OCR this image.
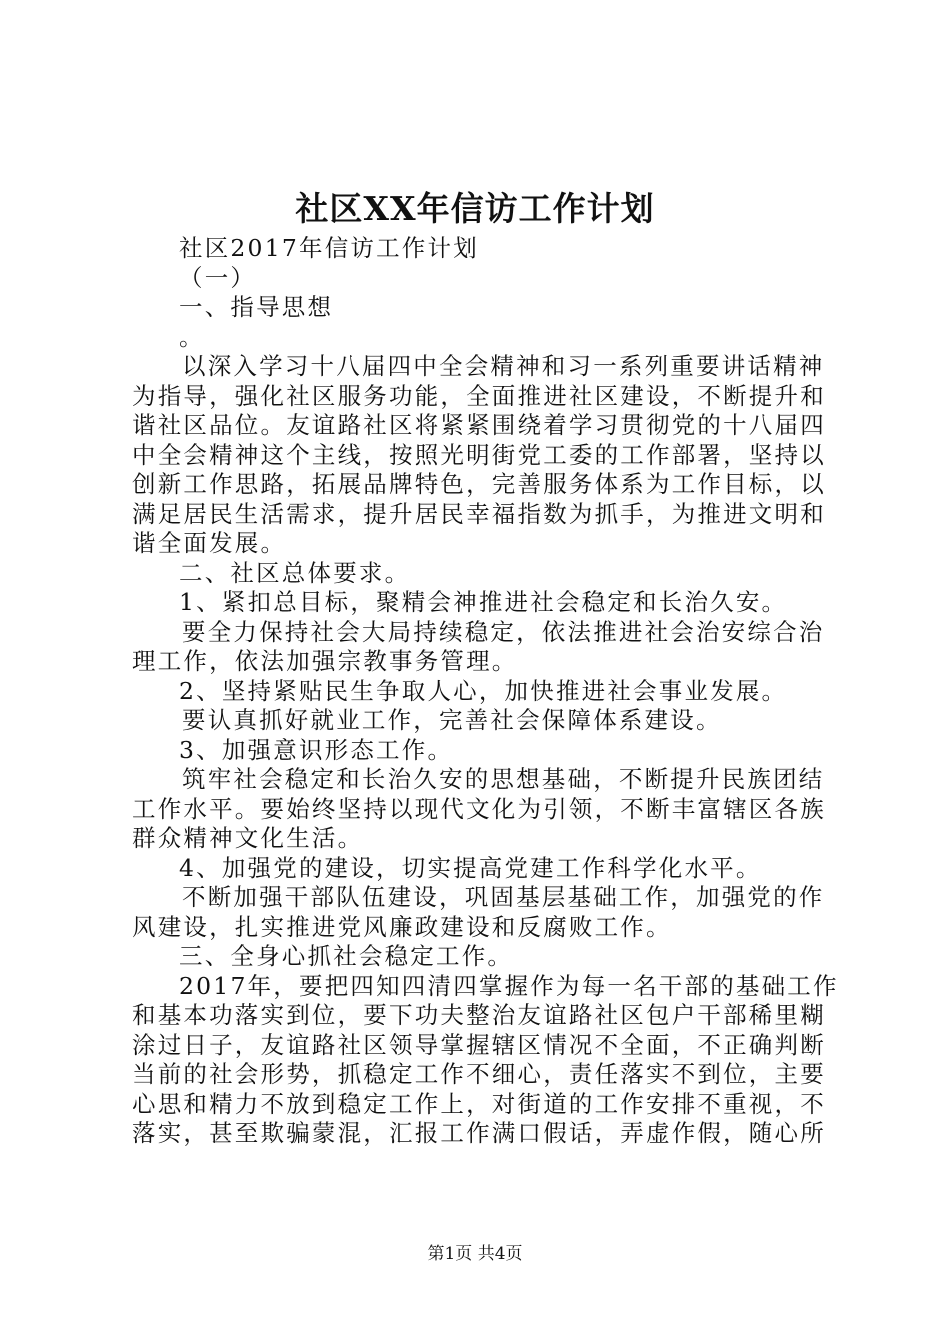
社区XX年信访工作计划
社区2017年信访工作计划
（一）
一、指导思想
。
以深入学习十八届四中全会精神和习一系列重要讲话精神
为指导，强化社区服务功能，全面推进社区建设，不断提升和
谐社区品位。友谊路社区将紧紧围绕着学习贯彻党的十八届四
中全会精神这个主线，按照光明街党工委的工作部署，坚持以
创新工作思路，拓展品牌特色，完善服务体系为工作目标，以
满足居民生活需求，提升居民幸福指数为抓手，为推进文明和
谐全面发展。
二、社区总体要求。
1、紧扣总目标，聚精会神推进社会稳定和长治久安。
要全力保持社会大局持续稳定，依法推进社会治安综合治
理工作，依法加强宗教事务管理。
2、坚持紧贴民生争取人心，加快推进社会事业发展。
要认真抓好就业工作，完善社会保障体系建设。
3、加强意识形态工作。
筑牢社会稳定和长治久安的思想基础，不断提升民族团结
工作水平。要始终坚持以现代文化为引领，不断丰富辖区各族
群众精神文化生活。
4、加强党的建设，切实提高党建工作科学化水平。
不断加强干部队伍建设，巩固基层基础工作，加强党的作
风建设，扎实推进党风廉政建设和反腐败工作。
三、全身心抓社会稳定工作。
2017年，要把四知四清四掌握作为每一名干部的基础工作
和基本功落实到位，要下功夫整治友谊路社区包户干部稀里糊
涂过日子，友谊路社区领导掌握辖区情况不全面，不正确判断
当前的社会形势，抓稳定工作不细心，责任落实不到位，主要
心思和精力不放到稳定工作上，对街道的工作安排不重视，不
落实，甚至欺骗蒙混，汇报工作满口假话，弄虚作假，随心所
第1页 共4页
